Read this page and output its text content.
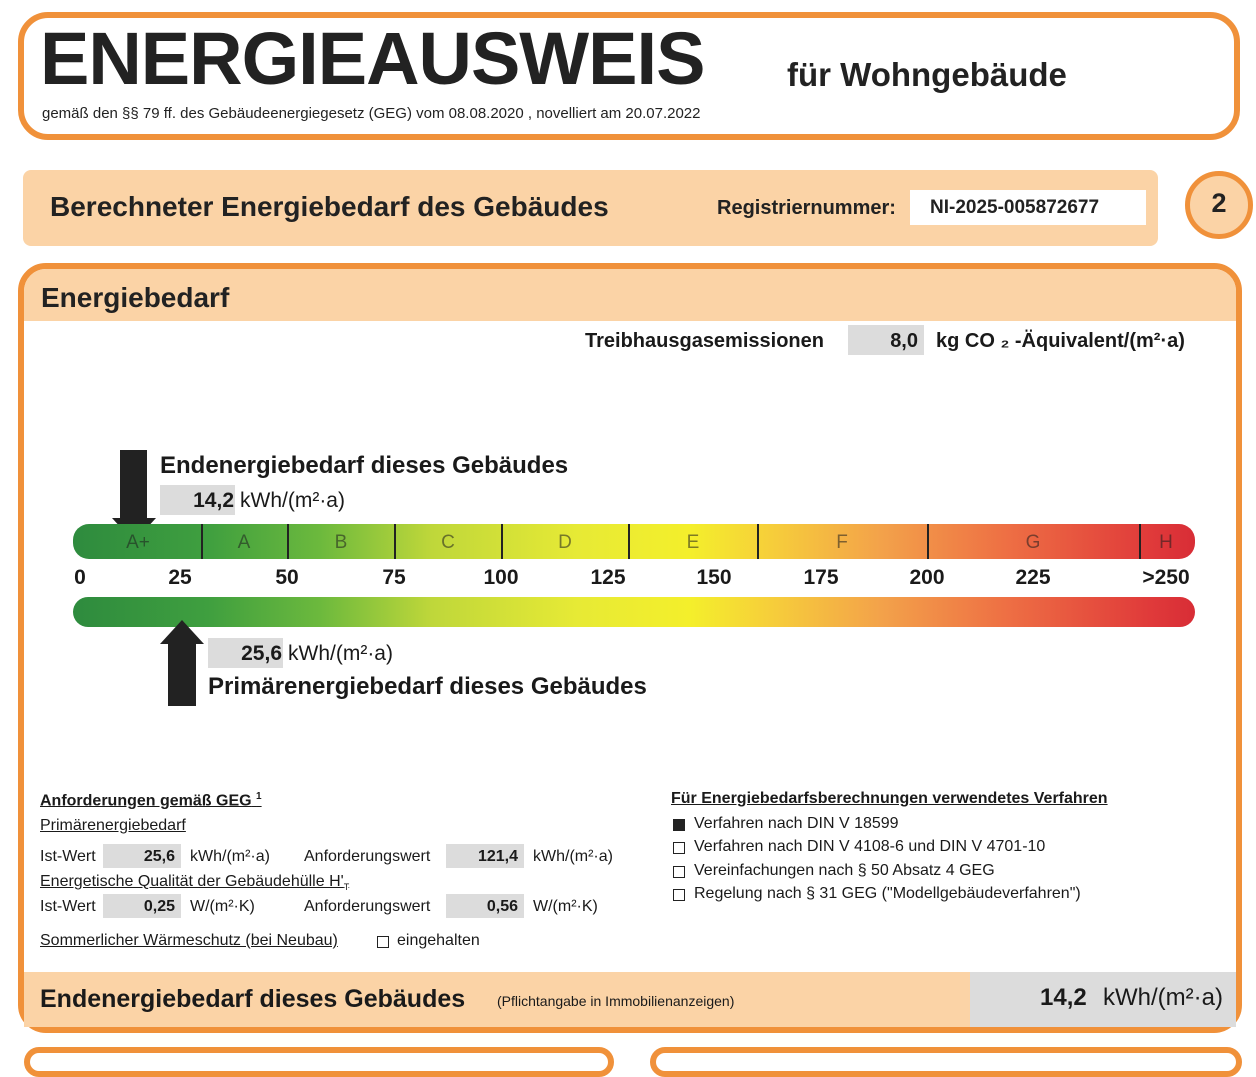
ENERGIEAUSWEIS	für Wohngebäude
gemäß den §§ 79 ff. des Gebäudeenergiegesetz (GEG) vom 08.08.2020 , novelliert am 20.07.2022
Berechneter Energiebedarf des Gebäudes	Registriernummer: NI-2025-005872677	2
Energiebedarf
Treibhausgasemissionen	8,0 kg CO ₂ -Äquivalent/(m²·a)
Endenergiebedarf dieses Gebäudes
14,2 kWh/(m²·a)
A+	A	B	C	D	E	F	G	H
0	25	50	75	100	125	150	175	200	225	>250
25,6 kWh/(m²·a)
Primärenergiebedarf dieses Gebäudes
Anforderungen gemäß GEG $^1$
Primärenergiebedarf
Ist-Wert	25,6 kWh/(m²·a) Anforderungswert	121,4 kWh/(m²·a)
Energetische Qualität der Gebäudehülle $H'_T$
Ist-Wert	0,25 W/(m²·K)	Anforderungswert	0,56 W/(m²·K)
Sommerlicher Wärmeschutz (bei Neubau)	eingehalten
Für Energiebedarfsberechnungen verwendetes Verfahren
Verfahren nach DIN V 18599
Verfahren nach DIN V 4108-6 und DIN V 4701-10
Vereinfachungen nach § 50 Absatz 4 GEG
Regelung nach § 31 GEG ("Modellgebäudeverfahren")
Endenergiebedarf dieses Gebäudes (Pflichtangabe in Immobilienanzeigen)	14,2 kWh/(m²·a)
